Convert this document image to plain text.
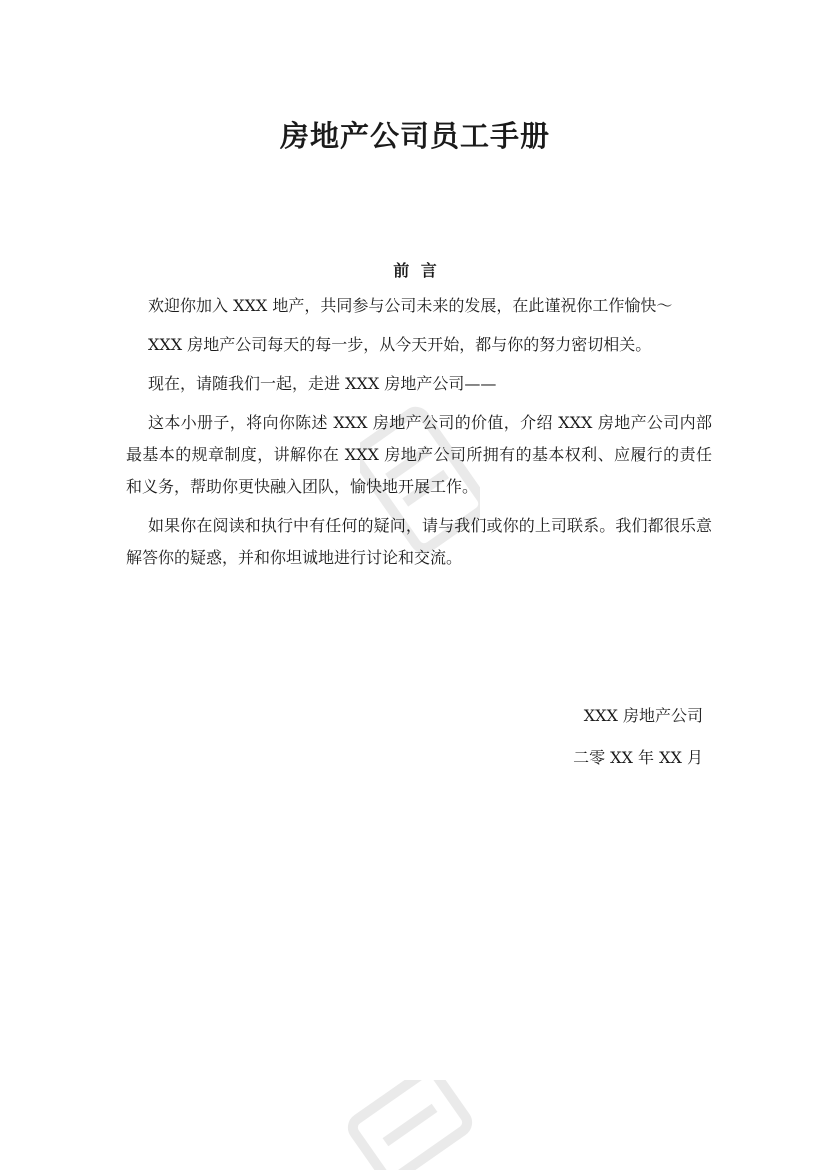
房地产公司员工手册
前 言

欢迎你加入 XXX 地产，共同参与公司未来的发展，在此谨祝你工作愉快～

XXX 房地产公司每天的每一步，从今天开始，都与你的努力密切相关。

现在，请随我们一起，走进 XXX 房地产公司——

这本小册子，将向你陈述 XXX 房地产公司的价值，介绍 XXX 房地产公司内部最基本的规章制度，讲解你在 XXX 房地产公司所拥有的基本权利、应履行的责任和义务，帮助你更快融入团队，愉快地开展工作。

如果你在阅读和执行中有任何的疑问，请与我们或你的上司联系。我们都很乐意解答你的疑惑，并和你坦诚地进行讨论和交流。

XXX 房地产公司
二零 XX 年 XX 月
